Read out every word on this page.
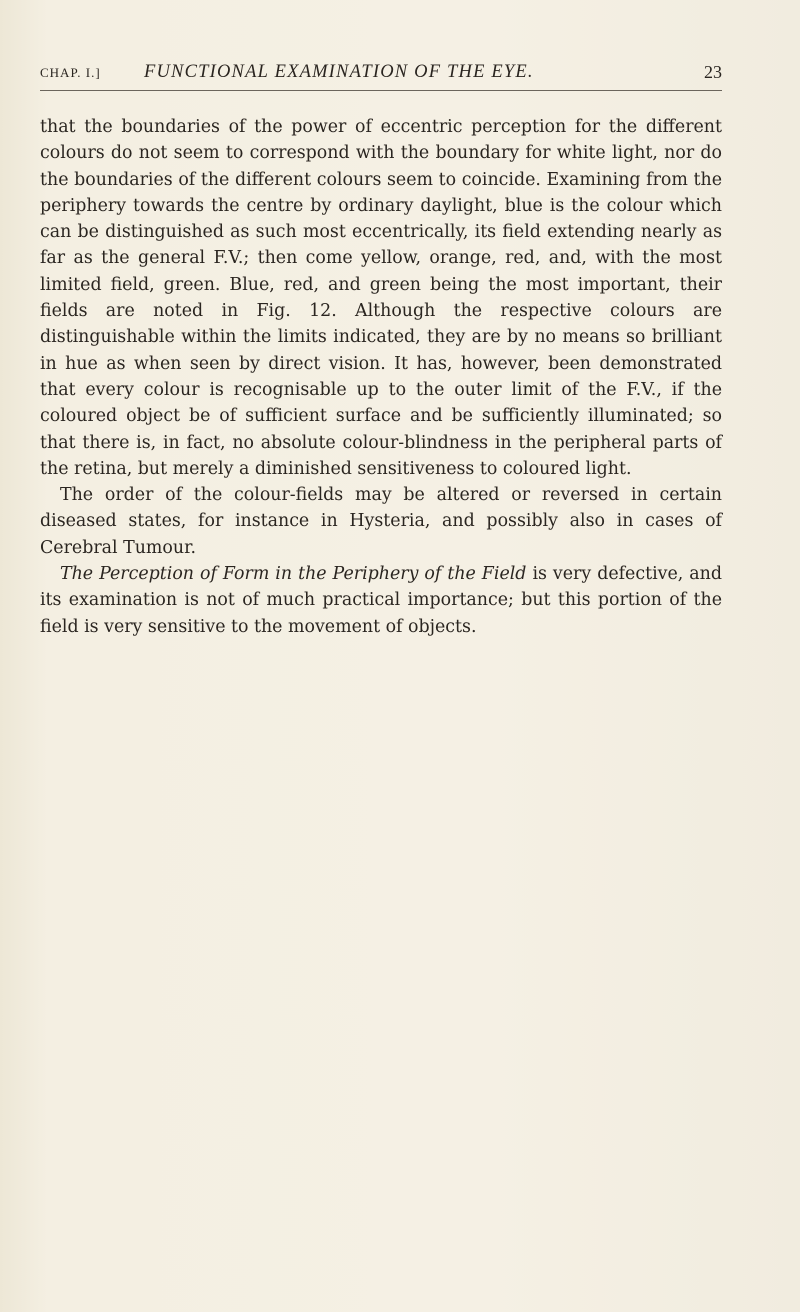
CHAP. I.] FUNCTIONAL EXAMINATION OF THE EYE.	23

that the boundaries of the power of eccentric perception for the different colours do not seem to correspond with the boundary for white light, nor do the boundaries of the different colours seem to coincide. Examining from the periphery towards the centre by ordinary daylight, blue is the colour which can be distinguished as such most eccentrically, its field extending nearly as far as the general F.V.; then come yellow, orange, red, and, with the most limited field, green. Blue, red, and green being the most important, their fields are noted in Fig. 12. Although the respective colours are distinguishable within the limits indicated, they are by no means so brilliant in hue as when seen by direct vision. It has, however, been demonstrated that every colour is recognisable up to the outer limit of the F.V., if the coloured object be of sufficient surface and be sufficiently illuminated; so that there is, in fact, no absolute colour-blindness in the peripheral parts of the retina, but merely a diminished sensitiveness to coloured light.

The order of the colour-fields may be altered or reversed in certain diseased states, for instance in Hysteria, and possibly also in cases of Cerebral Tumour.

The Perception of Form in the Periphery of the Field is very defective, and its examination is not of much practical importance; but this portion of the field is very sensitive to the movement of objects.
